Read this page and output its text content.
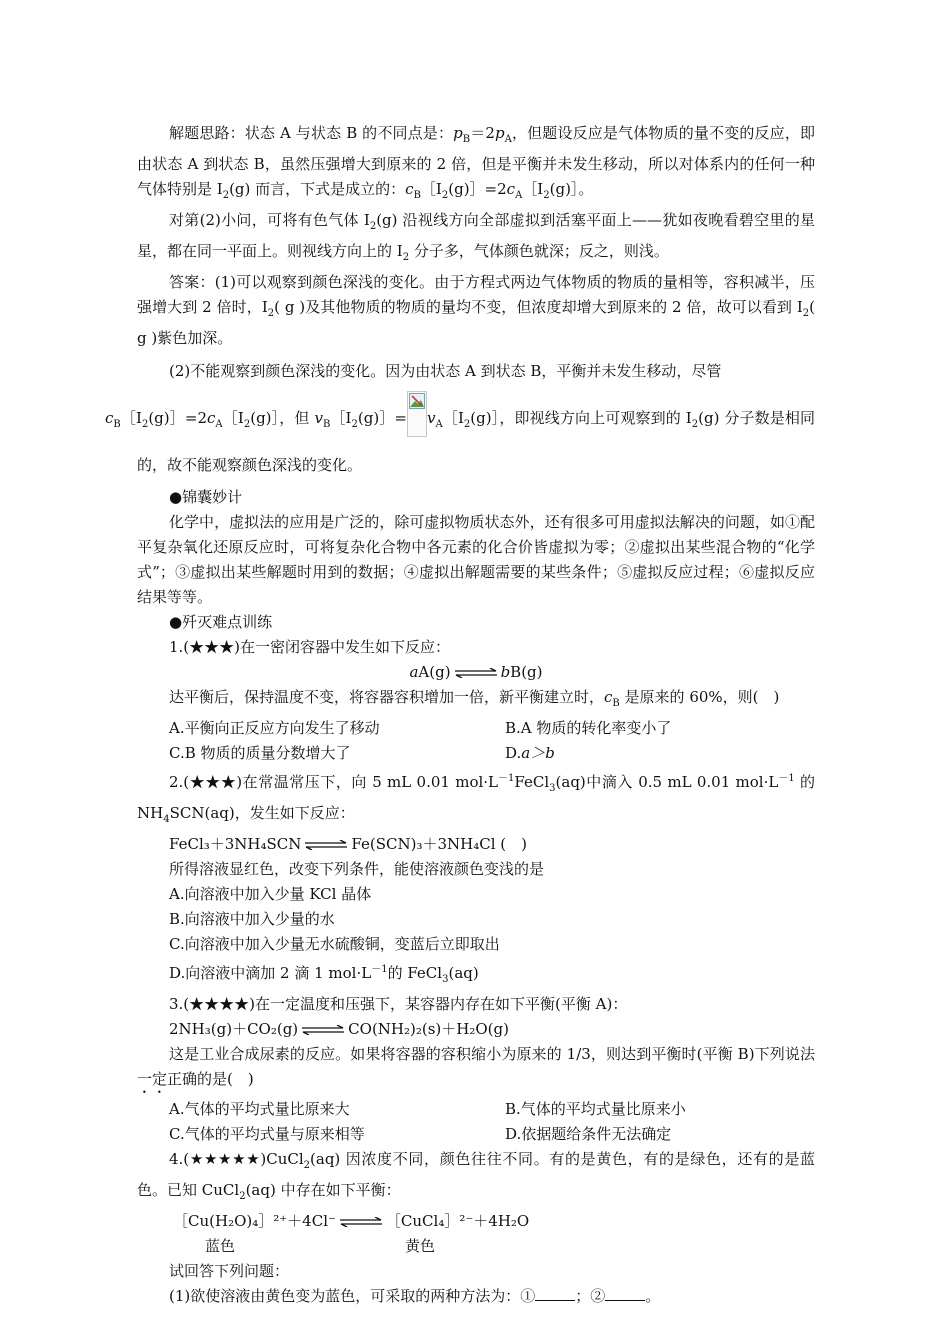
解题思路：状态 A 与状态 B 的不同点是：$p_B=2p_A$，但题设反应是气体物质的量不变的反应，即由状态 A 到状态 B，虽然压强增大到原来的 2 倍，但是平衡并未发生移动，所以对体系内的任何一种气体特别是 $I_2(g)$ 而言，下式是成立的：$c_B[I_2(g)]=2c_A[I_2(g)]$。

对第(2)小问，可将有色气体 $I_2(g)$ 沿视线方向全部虚拟到活塞平面上——犹如夜晚看碧空里的星星，都在同一平面上。则视线方向上的 $I_2$ 分子多，气体颜色就深；反之，则浅。

答案：(1)可以观察到颜色深浅的变化。由于方程式两边气体物质的物质的量相等，容积减半，压强增大到 2 倍时，$I_2$( g )及其他物质的物质的量均不变，但浓度却增大到原来的 2 倍，故可以看到 $I_2$( g )紫色加深。

(2)不能观察到颜色深浅的变化。因为由状态 A 到状态 B，平衡并未发生移动，尽管
$c_B[I_2(g)]=2c_A[I_2(g)]$，但 $v_B[I_2(g)]=$ $v_A[I_2(g)]$，即视线方向上可观察到的 $I_2(g)$ 分子数是相同的，故不能观察颜色深浅的变化。

●锦囊妙计

化学中，虚拟法的应用是广泛的，除可虚拟物质状态外，还有很多可用虚拟法解决的问题，如①配平复杂氧化还原反应时，可将复杂化合物中各元素的化合价皆虚拟为零；②虚拟出某些混合物的“化学式”；③虚拟出某些解题时用到的数据；④虚拟出解题需要的某些条件；⑤虚拟反应过程；⑥虚拟反应结果等等。

●歼灭难点训练

1.(★★★)在一密闭容器中发生如下反应：

aA(g) ⇌ bB(g)

达平衡后，保持温度不变，将容器容积增加一倍，新平衡建立时，$c_B$ 是原来的 60%，则(　)

A.平衡向正反应方向发生了移动	B.A 物质的转化率变小了
C.B 物质的质量分数增大了	D.a＞b

2.(★★★)在常温常压下，向 5 mL 0.01 $mol\cdot L^{-1}FeCl_3(aq)$中滴入 0.5 mL 0.01 $mol\cdot L^{-1}$ 的 $NH_4SCN(aq)$，发生如下反应：

FeCl₃＋3NH₄SCN ⇌ Fe(SCN)₃＋3NH₄Cl (　)

所得溶液显红色，改变下列条件，能使溶液颜色变浅的是

A.向溶液中加入少量 KCl 晶体

B.向溶液中加入少量的水

C.向溶液中加入少量无水硫酸铜，变蓝后立即取出

D.向溶液中滴加 2 滴 1 $mol\cdot L^{-1}$的 FeCl$_3$(aq)

3.(★★★★)在一定温度和压强下，某容器内存在如下平衡(平衡 A)：

2NH₃(g)＋CO₂(g) ⇌ CO(NH₂)₂(s)＋H₂O(g)

这是工业合成尿素的反应。如果将容器的容积缩小为原来的 1/3，则达到平衡时(平衡 B)下列说法一定正确的是(　)

A.气体的平均式量比原来大	B.气体的平均式量比原来小
C.气体的平均式量与原来相等	D.依据题给条件无法确定

4.(★★★★★)CuCl$_2$(aq) 因浓度不同，颜色往往不同。有的是黄色，有的是绿色，还有的是蓝色。已知 CuCl$_2$(aq) 中存在如下平衡：

［Cu(H₂O)₄］²⁺＋4Cl⁻ ⇌ ［CuCl₄］²⁻＋4H₂O

蓝色	黄色

试回答下列问题：

(1)欲使溶液由黄色变为蓝色，可采取的两种方法为：①	；②	。
